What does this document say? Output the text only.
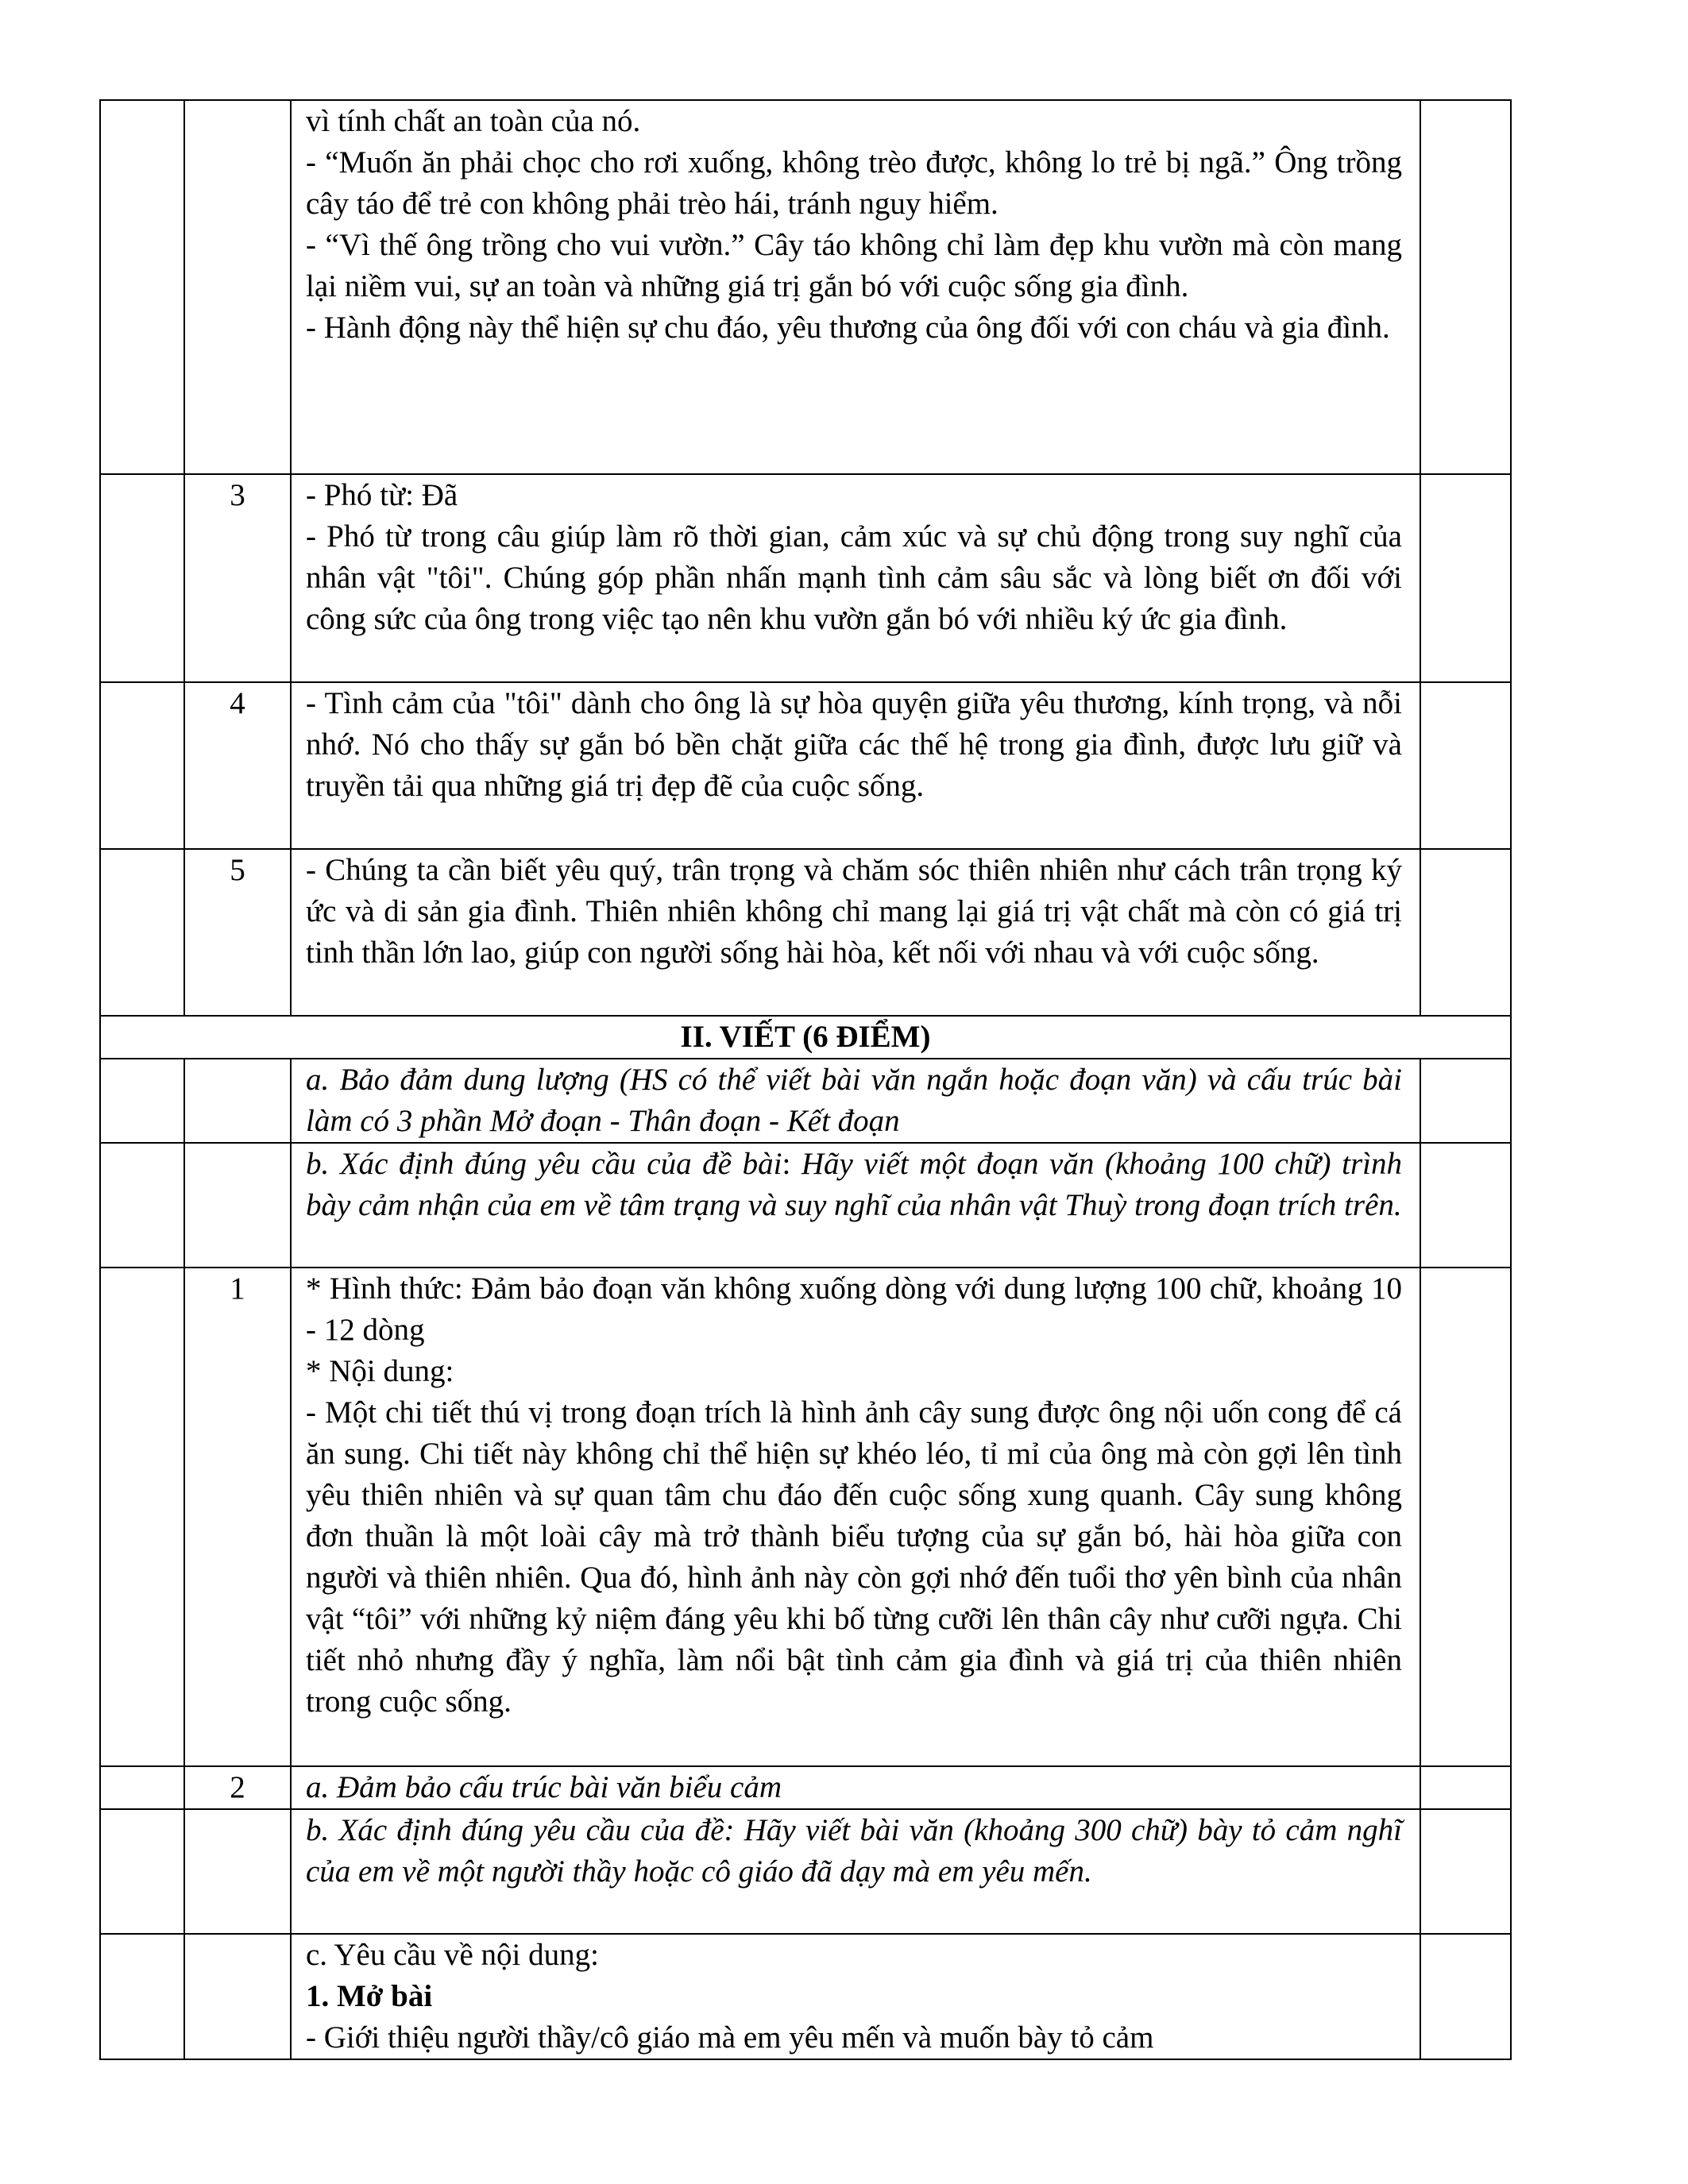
		vì tính chất an toàn của nó.
- “Muốn ăn phải chọc cho rơi xuống, không trèo được, không lo trẻ bị ngã.” Ông trồng cây táo để trẻ con không phải trèo hái, tránh nguy hiểm.
- “Vì thế ông trồng cho vui vườn.” Cây táo không chỉ làm đẹp khu vườn mà còn mang lại niềm vui, sự an toàn và những giá trị gắn bó với cuộc sống gia đình.
- Hành động này thể hiện sự chu đáo, yêu thương của ông đối với con cháu và gia đình.	

	3	- Phó từ: Đã
- Phó từ trong câu giúp làm rõ thời gian, cảm xúc và sự chủ động trong suy nghĩ của nhân vật "tôi". Chúng góp phần nhấn mạnh tình cảm sâu sắc và lòng biết ơn đối với công sức của ông trong việc tạo nên khu vườn gắn bó với nhiều ký ức gia đình.	

	4	- Tình cảm của "tôi" dành cho ông là sự hòa quyện giữa yêu thương, kính trọng, và nỗi nhớ. Nó cho thấy sự gắn bó bền chặt giữa các thế hệ trong gia đình, được lưu giữ và truyền tải qua những giá trị đẹp đẽ của cuộc sống.	

	5	- Chúng ta cần biết yêu quý, trân trọng và chăm sóc thiên nhiên như cách trân trọng ký ức và di sản gia đình. Thiên nhiên không chỉ mang lại giá trị vật chất mà còn có giá trị tinh thần lớn lao, giúp con người sống hài hòa, kết nối với nhau và với cuộc sống.	

II. VIẾT (6 ĐIỂM)			
		a. Bảo đảm dung lượng (HS có thể viết bài văn ngắn hoặc đoạn văn) và cấu trúc bài làm có 3 phần Mở đoạn - Thân đoạn - Kết đoạn	
		b. Xác định đúng yêu cầu của đề bài: Hãy viết một đoạn văn (khoảng 100 chữ) trình bày cảm nhận của em về tâm trạng và suy nghĩ của nhân vật Thuỳ trong đoạn trích trên.	
	1	* Hình thức: Đảm bảo đoạn văn không xuống dòng với dung lượng 100 chữ, khoảng 10 - 12 dòng
* Nội dung:
- Một chi tiết thú vị trong đoạn trích là hình ảnh cây sung được ông nội uốn cong để cá ăn sung. Chi tiết này không chỉ thể hiện sự khéo léo, tỉ mỉ của ông mà còn gợi lên tình yêu thiên nhiên và sự quan tâm chu đáo đến cuộc sống xung quanh. Cây sung không đơn thuần là một loài cây mà trở thành biểu tượng của sự gắn bó, hài hòa giữa con người và thiên nhiên. Qua đó, hình ảnh này còn gợi nhớ đến tuổi thơ yên bình của nhân vật “tôi” với những kỷ niệm đáng yêu khi bố từng cưỡi lên thân cây như cưỡi ngựa. Chi tiết nhỏ nhưng đầy ý nghĩa, làm nổi bật tình cảm gia đình và giá trị của thiên nhiên trong cuộc sống.	

	2	a. Đảm bảo cấu trúc bài văn biểu cảm	
		b. Xác định đúng yêu cầu của đề: Hãy viết bài văn (khoảng 300 chữ) bày tỏ cảm nghĩ của em về một người thầy hoặc cô giáo đã dạy mà em yêu mến.	

		c. Yêu cầu về nội dung:
1. Mở bài
- Giới thiệu người thầy/cô giáo mà em yêu mến và muốn bày tỏ cảm	
